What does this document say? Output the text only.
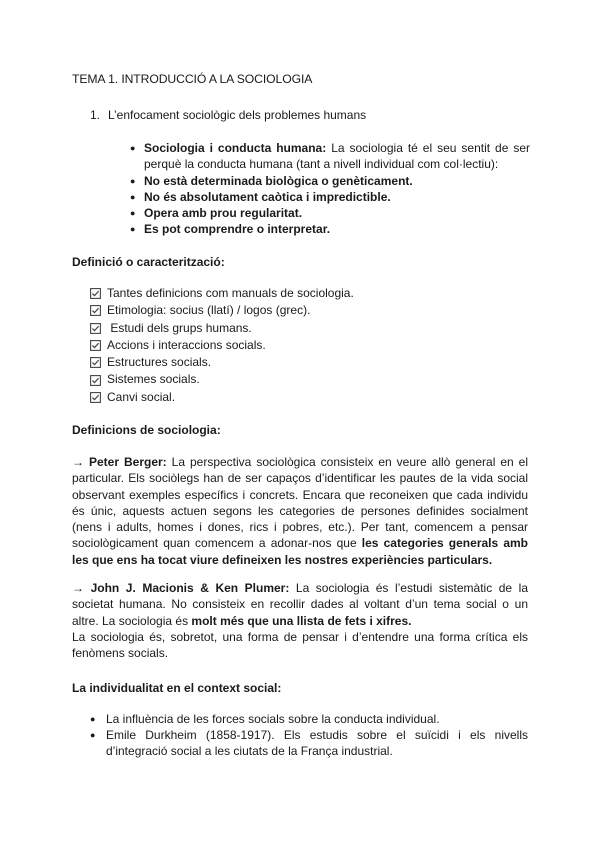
TEMA 1. INTRODUCCIÓ A LA SOCIOLOGIA
1. L’enfocament sociològic dels problemes humans
● Sociologia i conducta humana: La sociologia té el seu sentit de ser
perquè la conducta humana (tant a nivell individual com col·lectiu):
● No està determinada biològica o genèticament.
● No és absolutament caòtica i impredictible.
● Opera amb prou regularitat.
● Es pot comprendre o interpretar.
Definició o caracterització:
Tantes definicions com manuals de sociologia.
Etimologia: socius (llatí) / logos (grec).
Estudi dels grups humans.
Accions i interaccions socials.
Estructures socials.
Sistemes socials.
Canvi social.
Definicions de sociologia:
→ Peter Berger: La perspectiva sociològica consisteix en veure allò general en el
particular. Els sociòlegs han de ser capaços d’identificar les pautes de la vida social
observant exemples específics i concrets. Encara que reconeixen que cada individu
és únic, aquests actuen segons les categories de persones definides socialment
(nens i adults, homes i dones, rics i pobres, etc.). Per tant, comencem a pensar
sociològicament quan comencem a adonar-nos que les categories generals amb
les que ens ha tocat viure defineixen les nostres experiències particulars.
→ John J. Macionis & Ken Plumer: La sociologia és l’estudi sistemàtic de la
societat humana. No consisteix en recollir dades al voltant d’un tema social o un
altre. La sociologia és molt més que una llista de fets i xifres.
La sociologia és, sobretot, una forma de pensar i d’entendre una forma crítica els
fenòmens socials.
La individualitat en el context social:
● La influència de les forces socials sobre la conducta individual.
● Emile Durkheim (1858-1917). Els estudis sobre el suïcidi i els nivells
d’integració social a les ciutats de la França industrial.
